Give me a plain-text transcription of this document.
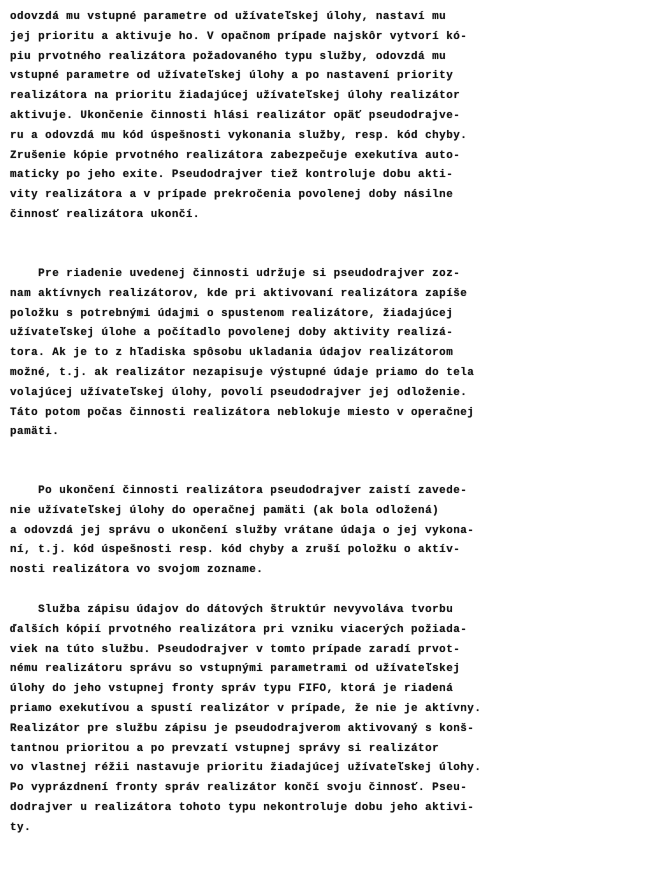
odovzdá mu vstupné parametre od užívateľskej úlohy, nastaví mu
jej prioritu a aktivuje ho. V opačnom prípade najskôr vytvorí kó-
piu prvotného realizátora požadovaného typu služby, odovzdá mu
vstupné parametre od užívateľskej úlohy a po nastavení priority
realizátora na prioritu žiadajúcej užívateľskej úlohy realizátor
aktivuje. Ukončenie činnosti hlási realizátor opäť pseudodrajve-
ru a odovzdá mu kód úspešnosti vykonania služby, resp. kód chyby.
Zrušenie kópie prvotného realizátora zabezpečuje exekutíva auto-
maticky po jeho exite. Pseudodrajver tiež kontroluje dobu akti-
vity realizátora a v prípade prekročenia povolenej doby násilne
činnosť realizátora ukončí.
Pre riadenie uvedenej činnosti udržuje si pseudodrajver zoz-
nam aktívnych realizátorov, kde pri aktivovaní realizátora zapíše
položku s potrebnými údajmi o spustenom realizátore, žiadajúcej
užívateľskej úlohe a počítadlo povolenej doby aktivity realizá-
tora. Ak je to z hľadiska spôsobu ukladania údajov realizátorom
možné, t.j. ak realizátor nezapisuje výstupné údaje priamo do tela
volajúcej užívateľskej úlohy, povolí pseudodrajver jej odloženie.
Táto potom počas činnosti realizátora neblokuje miesto v operačnej
pamäti.
Po ukončení činnosti realizátora pseudodrajver zaistí zavede-
nie užívateľskej úlohy do operačnej pamäti (ak bola odložená)
a odovzdá jej správu o ukončení služby vrátane údaja o jej vykona-
ní, t.j. kód úspešnosti resp. kód chyby a zruší položku o aktív-
nosti realizátora vo svojom zozname.
Služba zápisu údajov do dátových štruktúr nevyvoláva tvorbu
ďalších kópií prvotného realizátora pri vzniku viacerých požiada-
viek na túto službu. Pseudodrajver v tomto prípade zaradí prvot-
nému realizátoru správu so vstupnými parametrami od užívateľskej
úlohy do jeho vstupnej fronty správ typu FIFO, ktorá je riadená
priamo exekutívou a spustí realizátor v prípade, že nie je aktívny.
Realizátor pre službu zápisu je pseudodrajverom aktivovaný s konš-
tantnou prioritou a po prevzatí vstupnej správy si realizátor
vo vlastnej réžii nastavuje prioritu žiadajúcej užívateľskej úlohy.
Po vyprázdnení fronty správ realizátor končí svoju činnosť. Pseu-
dodrajver u realizátora tohoto typu nekontroluje dobu jeho aktivi-
ty.
